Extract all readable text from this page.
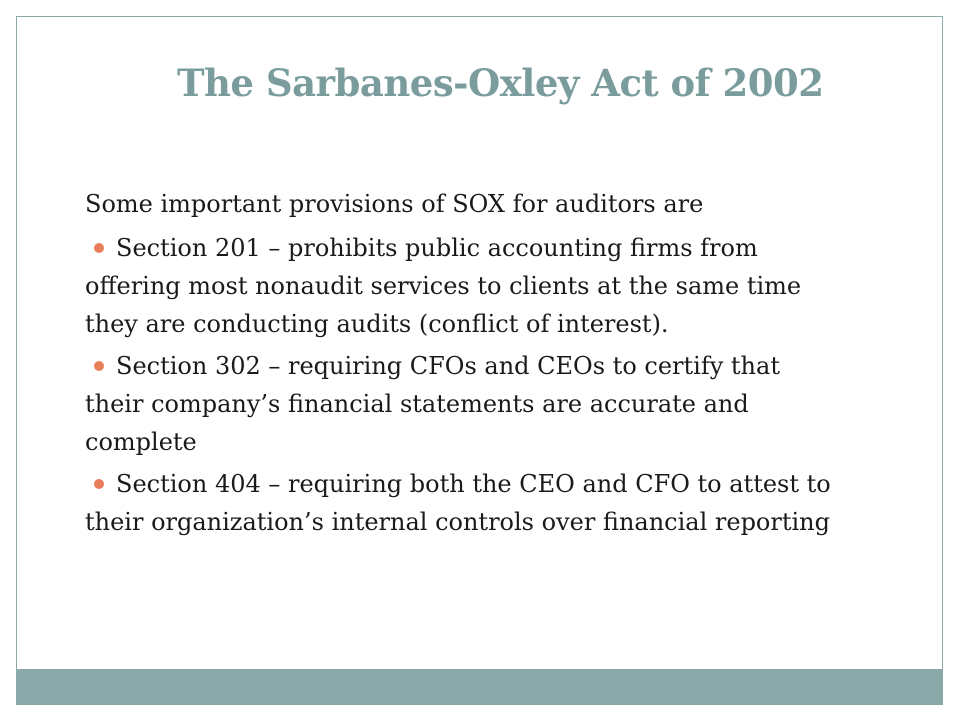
The Sarbanes-Oxley Act of 2002

Some important provisions of SOX for auditors are

Section 201 – prohibits public accounting firms from
offering most nonaudit services to clients at the same time
they are conducting audits (conflict of interest).
Section 302 – requiring CFOs and CEOs to certify that
their company’s financial statements are accurate and
complete
Section 404 – requiring both the CEO and CFO to attest to
their organization’s internal controls over financial reporting
